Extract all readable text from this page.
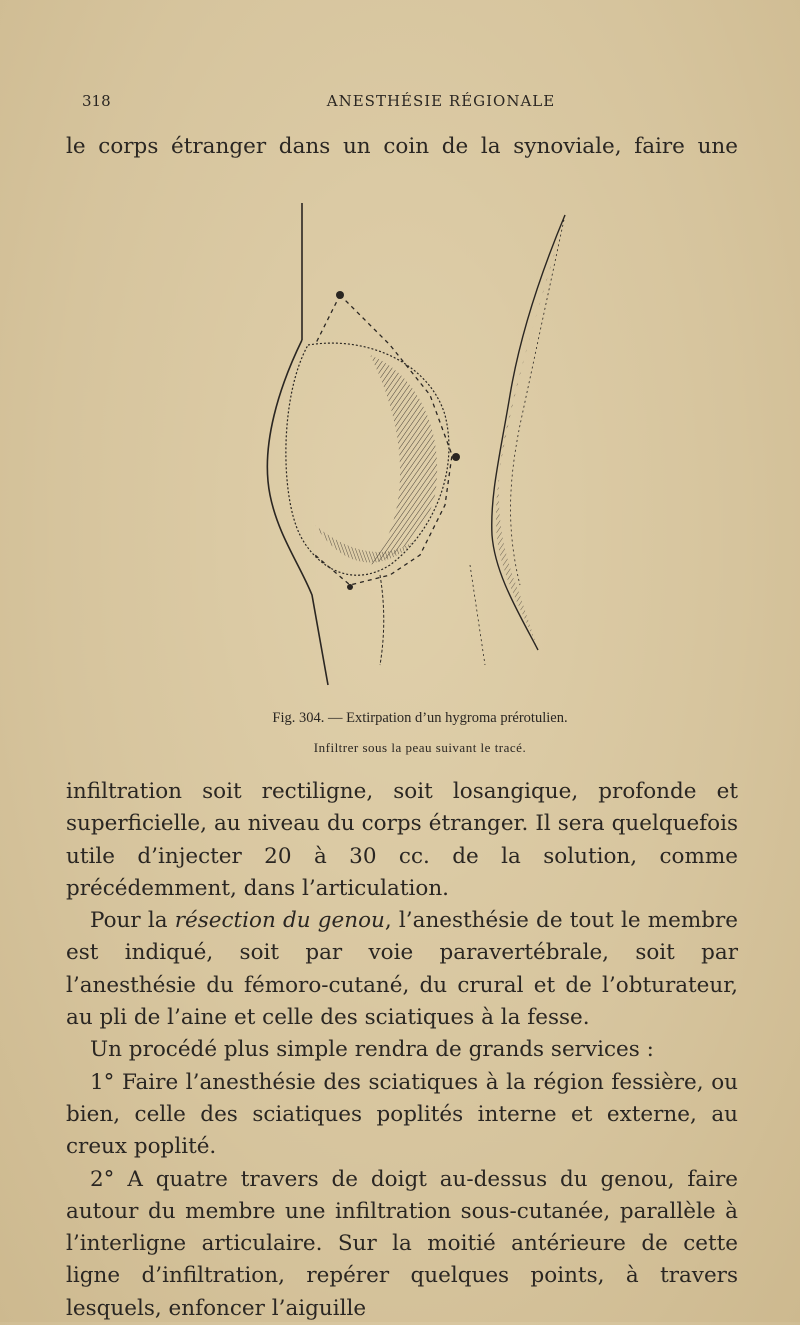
318	ANESTHÉSIE RÉGIONALE

le corps étranger dans un coin de la synoviale, faire une

Fig. 304. — Extirpation d’un hygroma prérotulien.
Infiltrer sous la peau suivant le tracé.

infiltration soit rectiligne, soit losangique, profonde et superficielle, au niveau du corps étranger. Il sera quelquefois utile d’injecter 20 à 30 cc. de la solution, comme précédemment, dans l’articulation.

Pour la résection du genou, l’anesthésie de tout le membre est indiqué, soit par voie paravertébrale, soit par l’anesthésie du fémoro-cutané, du crural et de l’obturateur, au pli de l’aine et celle des sciatiques à la fesse.

Un procédé plus simple rendra de grands services :

1° Faire l’anesthésie des sciatiques à la région fessière, ou bien, celle des sciatiques poplités interne et externe, au creux poplité.

2° A quatre travers de doigt au-dessus du genou, faire autour du membre une infiltration sous-cutanée, parallèle à l’interligne articulaire. Sur la moitié antérieure de cette ligne d’infiltration, repérer quelques points, à travers lesquels, enfoncer l’aiguille
